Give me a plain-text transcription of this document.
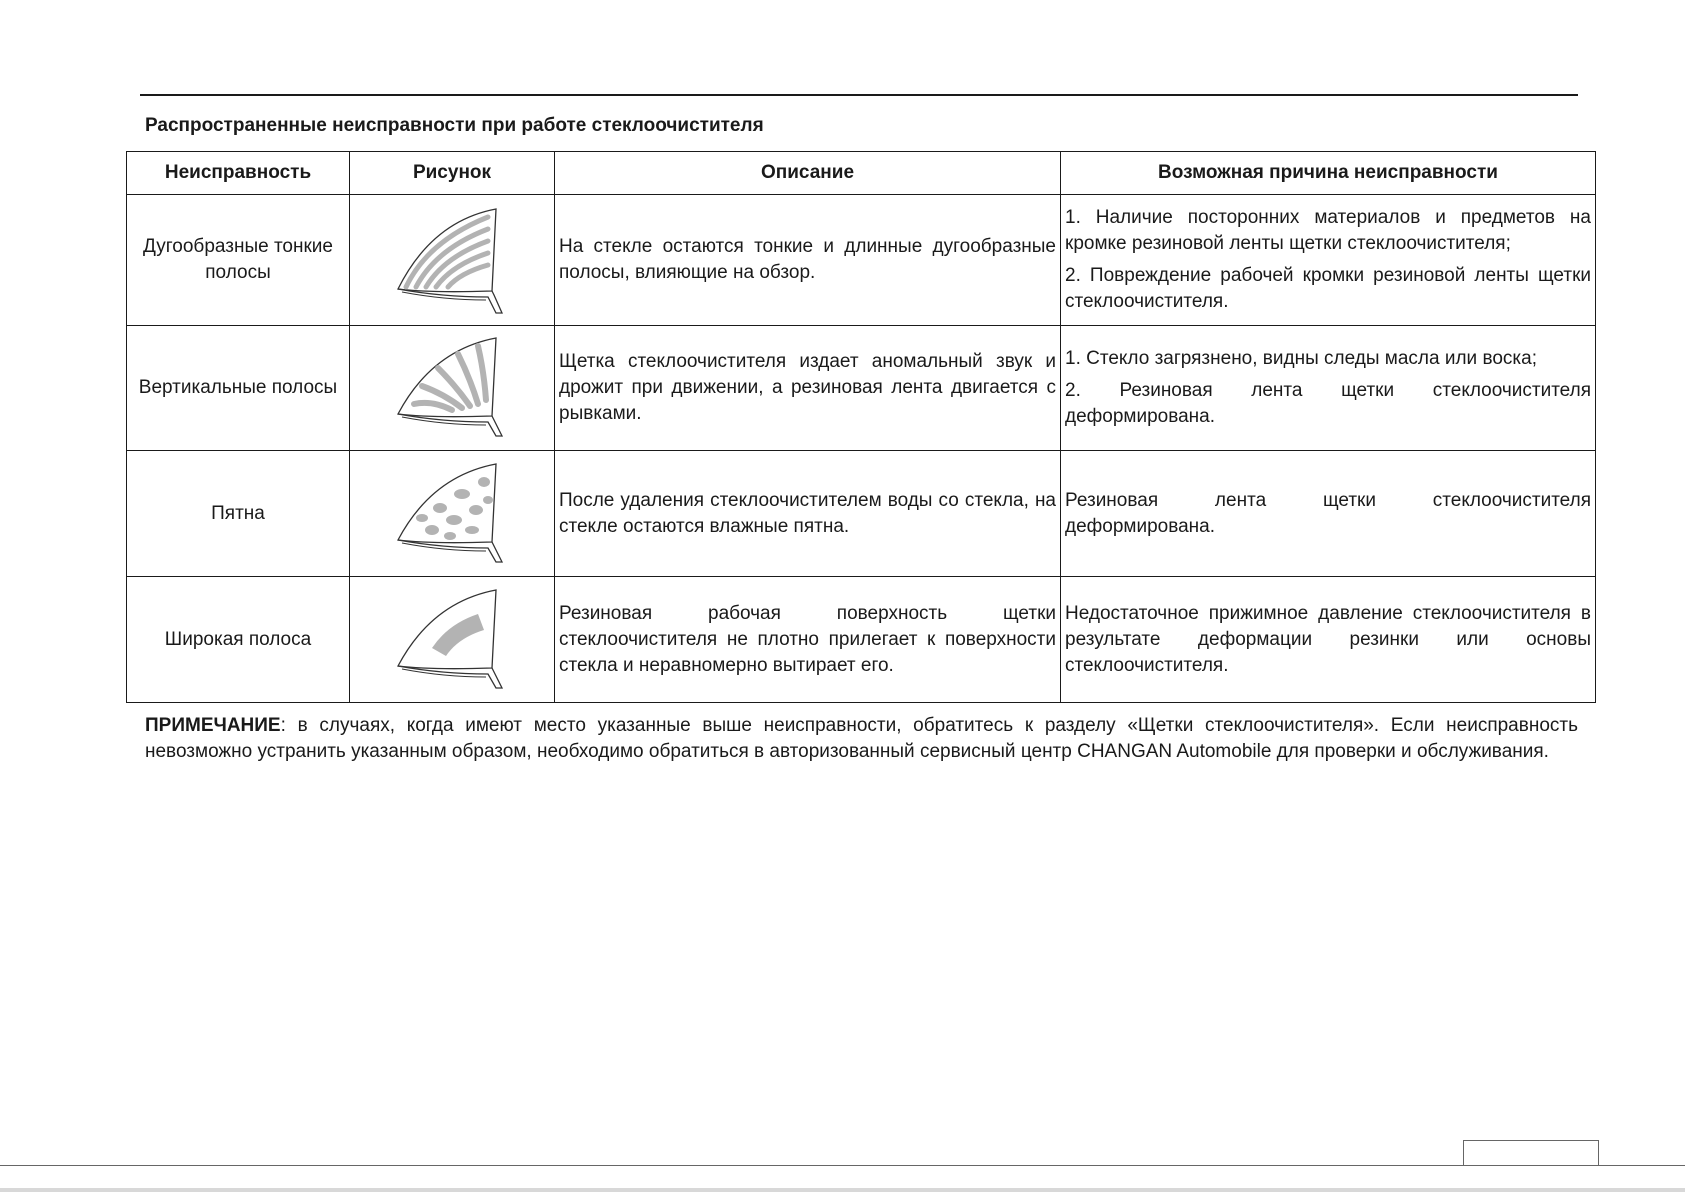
Распространенные неисправности при работе стеклоочистителя
Неисправность	Рисунок	Описание	Возможная причина неисправности
Дугообразные тонкие полосы		На стекле остаются тонкие и длинные дугообразные полосы, влияющие на обзор.	1. Наличие посторонних материалов и предметов на кромке резиновой ленты щетки стеклоочистителя;

2. Повреждение рабочей кромки резиновой ленты щетки стеклоочистителя.

Вертикальные полосы		Щетка стеклоочистителя издает аномальный звук и дрожит при движении, а резиновая лента двигается с рывками.	1. Стекло загрязнено, видны следы масла или воска;

2. Резиновая лента щетки стеклоочистителя деформирована.

Пятна		После удаления стеклоочистителем воды со стекла, на стекле остаются влажные пятна.	Резиновая лента щетки стеклоочистителя деформирована.

Широкая полоса		Резиновая рабочая поверхность щетки стеклоочистителя не плотно прилегает к поверхности стекла и неравномерно вытирает его.	Недостаточное прижимное давление стеклоочистителя в результате деформации резинки или основы стеклоочистителя.

ПРИМЕЧАНИЕ: в случаях, когда имеют место указанные выше неисправности, обратитесь к разделу «Щетки стеклоочистителя». Если неисправность невозможно устранить указанным образом, необходимо обратиться в авторизованный сервисный центр CHANGAN Automobile для проверки и обслуживания.
